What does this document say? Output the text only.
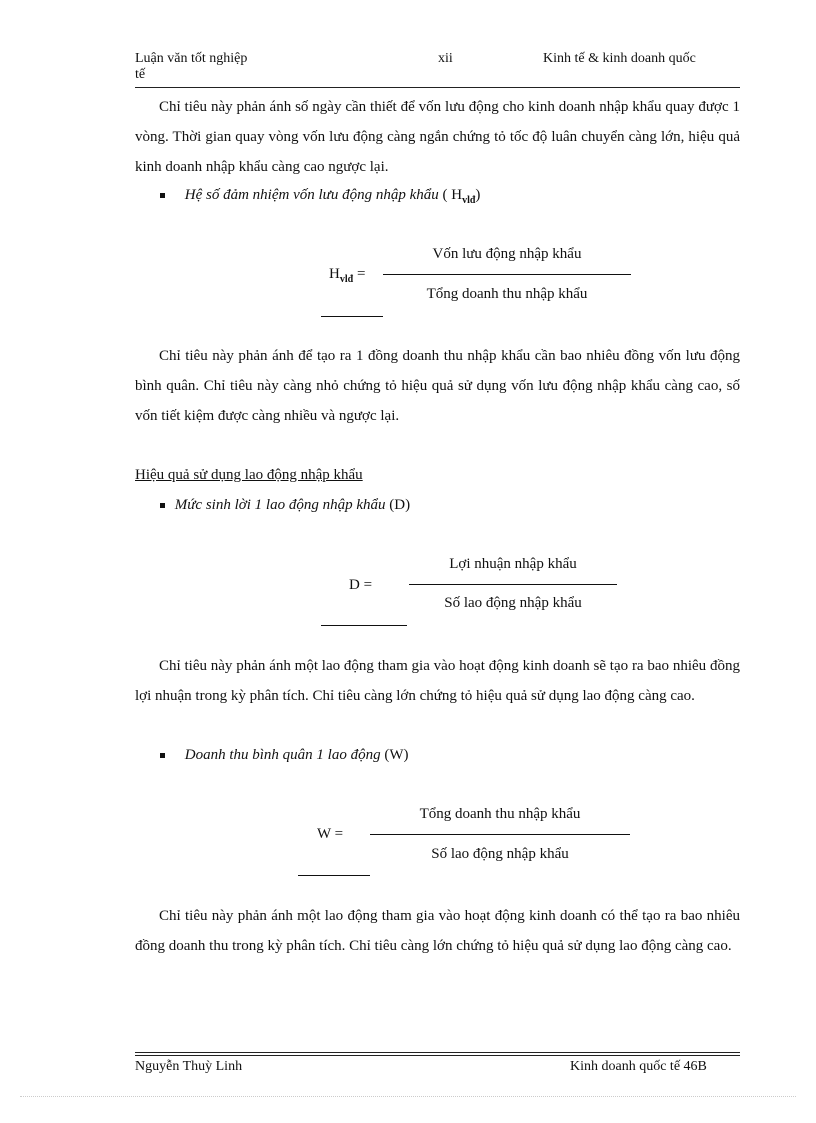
Luận văn tốt nghiệp	xii	Kinh tế & kinh doanh quốc
tế

Chỉ tiêu này phản ánh số ngày cần thiết để vốn lưu động cho kinh doanh nhập khẩu quay được 1 vòng. Thời gian quay vòng vốn lưu động càng ngắn chứng tỏ tốc độ luân chuyển càng lớn, hiệu quả kinh doanh nhập khẩu càng cao ngược lại.

Hệ số đảm nhiệm vốn lưu động nhập khẩu ( $H_{vlđ}$)
$H_{vlđ}$ =
Vốn lưu động nhập khẩu
Tổng doanh thu nhập khẩu

Chỉ tiêu này phản ánh để tạo ra 1 đồng doanh thu nhập khẩu cần bao nhiêu đồng vốn lưu động bình quân. Chỉ tiêu này càng nhỏ chứng tỏ hiệu quả sử dụng vốn lưu động nhập khẩu càng cao, số vốn tiết kiệm được càng nhiều và ngược lại.

Hiệu quả sử dụng lao động nhập khẩu
Mức sinh lời 1 lao động nhập khẩu (D)
D =
Lợi nhuận nhập khẩu
Số lao động nhập khẩu

Chỉ tiêu này phản ánh một lao động tham gia vào hoạt động kinh doanh sẽ tạo ra bao nhiêu đồng lợi nhuận trong kỳ phân tích. Chỉ tiêu càng lớn chứng tỏ hiệu quả sử dụng lao động càng cao.

Doanh thu bình quân 1 lao động (W)
W =
Tổng doanh thu nhập khẩu
Số lao động nhập khẩu

Chỉ tiêu này phản ánh một lao động tham gia vào hoạt động kinh doanh có thể tạo ra bao nhiêu đồng doanh thu trong kỳ phân tích. Chỉ tiêu càng lớn chứng tỏ hiệu quả sử dụng lao động càng cao.

Nguyễn Thuỳ Linh	Kinh doanh quốc tế 46B
